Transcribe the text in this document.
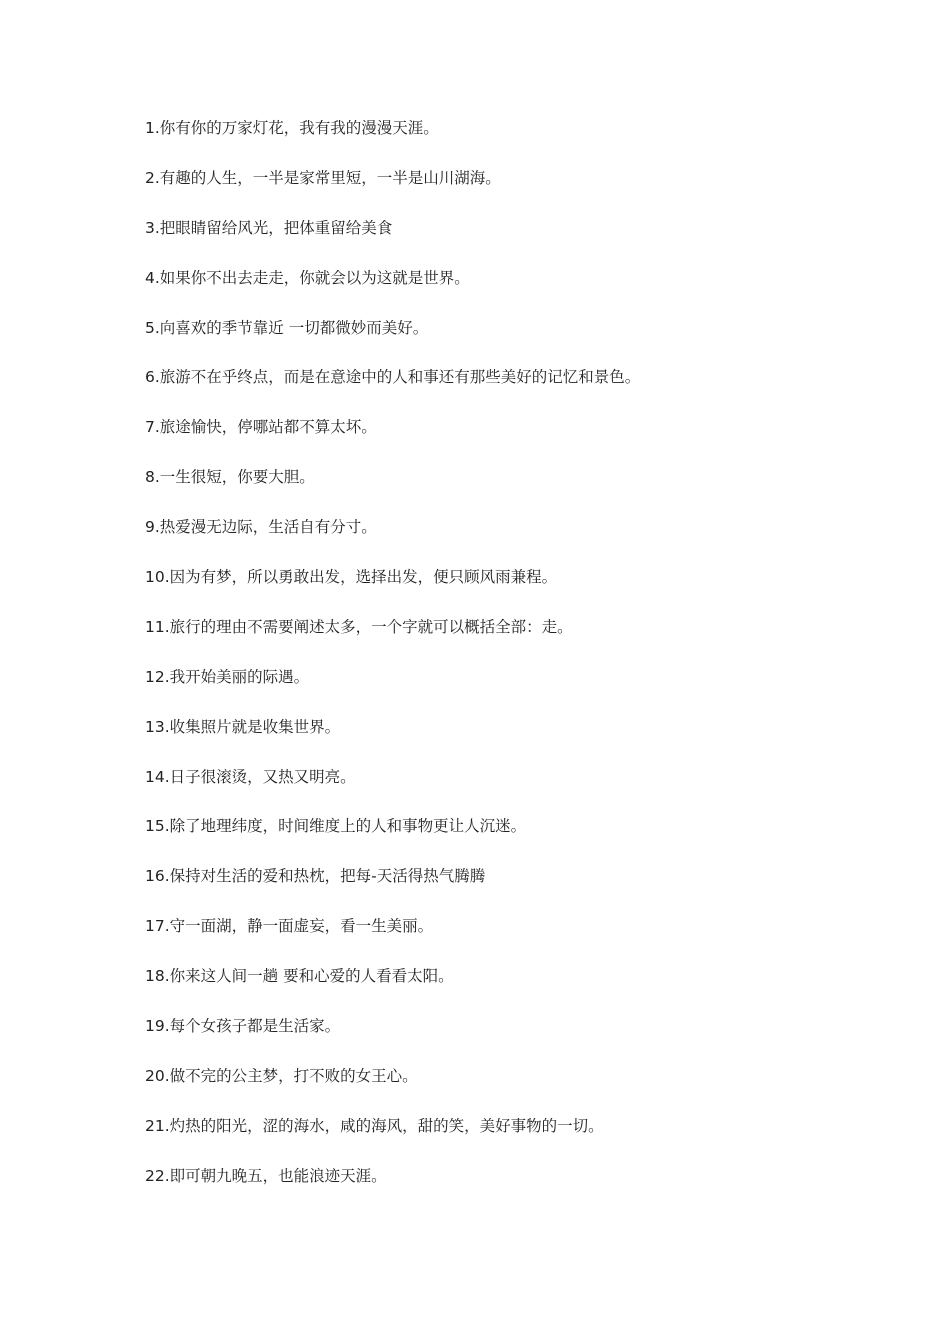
1.你有你的万家灯花，我有我的漫漫天涯。
2.有趣的人生，一半是家常里短，一半是山川湖海。
3.把眼睛留给风光，把体重留给美食
4.如果你不出去走走，你就会以为这就是世界。
5.向喜欢的季节靠近 一切都微妙而美好。
6.旅游不在乎终点，而是在意途中的人和事还有那些美好的记忆和景色。
7.旅途愉快，停哪站都不算太坏。
8.一生很短，你要大胆。
9.热爱漫无边际，生活自有分寸。
10.因为有梦，所以勇敢出发，选择出发，便只顾风雨兼程。
11.旅行的理由不需要阐述太多，一个字就可以概括全部：走。
12.我开始美丽的际遇。
13.收集照片就是收集世界。
14.日子很滚烫，又热又明亮。
15.除了地理纬度，时间维度上的人和事物更让人沉迷。
16.保持对生活的爱和热枕，把每-天活得热气腾腾
17.守一面湖，静一面虚妄，看一生美丽。
18.你来这人间一趟 要和心爱的人看看太阳。
19.每个女孩子都是生活家。
20.做不完的公主梦，打不败的女王心。
21.灼热的阳光，涩的海水，咸的海风，甜的笑，美好事物的一切。
22.即可朝九晚五，也能浪迹天涯。
